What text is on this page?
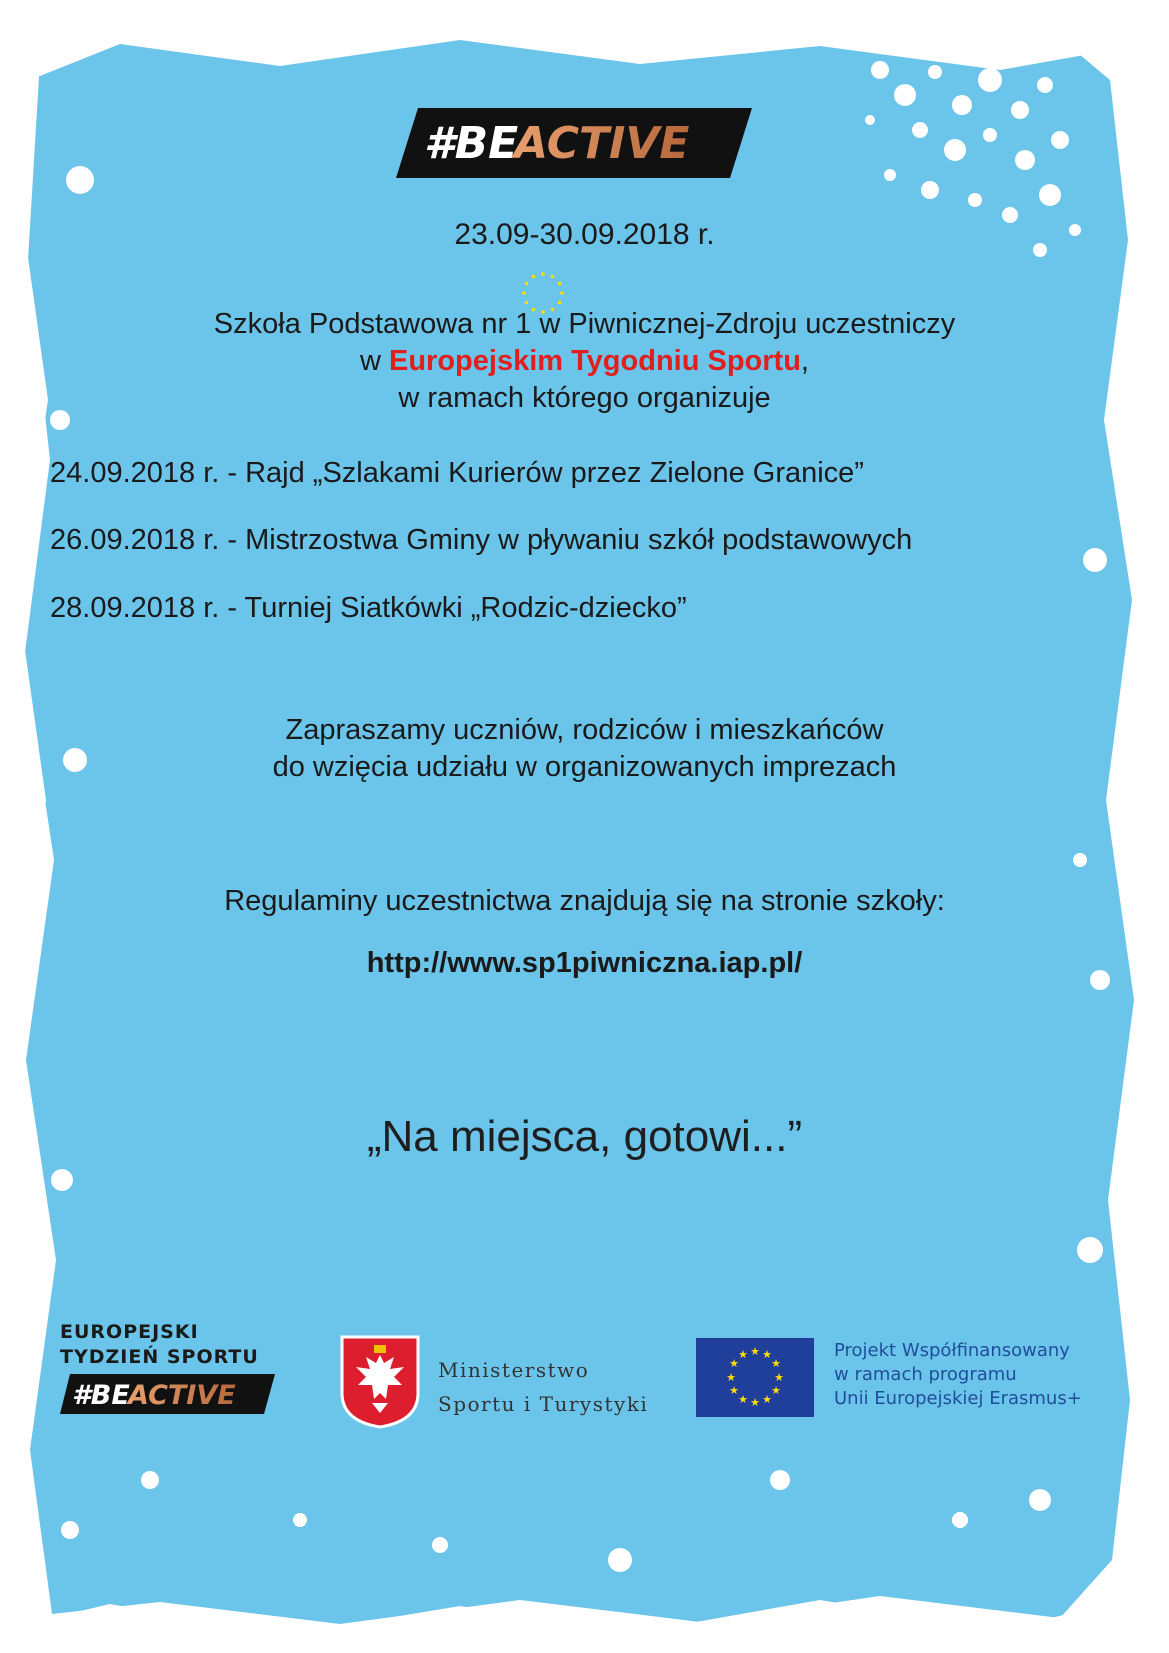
#BE
ACTIVE
23.09-30.09.2018 r.
Szkoła Podstawowa nr 1 w Piwnicznej-Zdroju uczestniczy
w Europejskim Tygodniu Sportu,
w ramach którego organizuje
24.09.2018 r. - Rajd „Szlakami Kurierów przez Zielone Granice”
26.09.2018 r. - Mistrzostwa Gminy w pływaniu szkół podstawowych
28.09.2018 r. - Turniej Siatkówki „Rodzic-dziecko”
Zapraszamy uczniów, rodziców i mieszkańców
do wzięcia udziału w organizowanych imprezach
Regulaminy uczestnictwa znajdują się na stronie szkoły:
http://www.sp1piwniczna.iap.pl/
„Na miejsca, gotowi...”
EUROPEJSKI
TYDZIEŃ SPORTU
#BE
ACTIVE
Ministerstwo
Sportu i Turystyki
★ ★
★
★
★
★
★
★
★
★
★
★	Projekt Współfinansowany
w ramach programu
Unii Europejskiej Erasmus+
